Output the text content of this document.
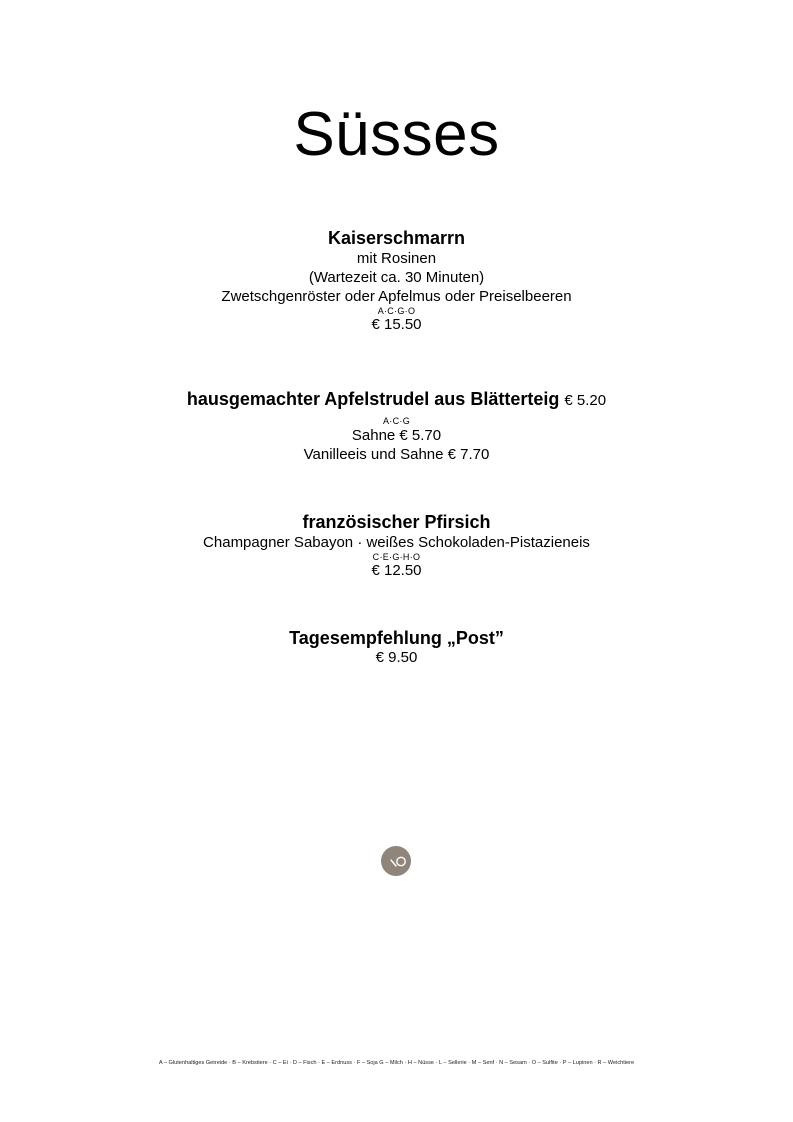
Süsses
Kaiserschmarrn
mit Rosinen
(Wartezeit ca. 30 Minuten)
Zwetschgenröster oder Apfelmus oder Preiselbeeren
A·C·G·O
€ 15.50
hausgemachter Apfelstrudel aus Blätterteig € 5.20
A·C·G
Sahne € 5.70
Vanilleeis und Sahne € 7.70
französischer Pfirsich
Champagner Sabayon · weißes Schokoladen-Pistazieneis
C·E·G·H·O
€ 12.50
Tagesempfehlung „Post”
€ 9.50
A – Glutenhaltiges Getreide · B – Krebstiere · C – Ei · D – Fisch · E – Erdnuss · F – Soja G – Milch · H – Nüsse · L – Sellerie · M – Senf · N – Sesam · O – Sulfite · P – Lupinen · R – Weichtiere
